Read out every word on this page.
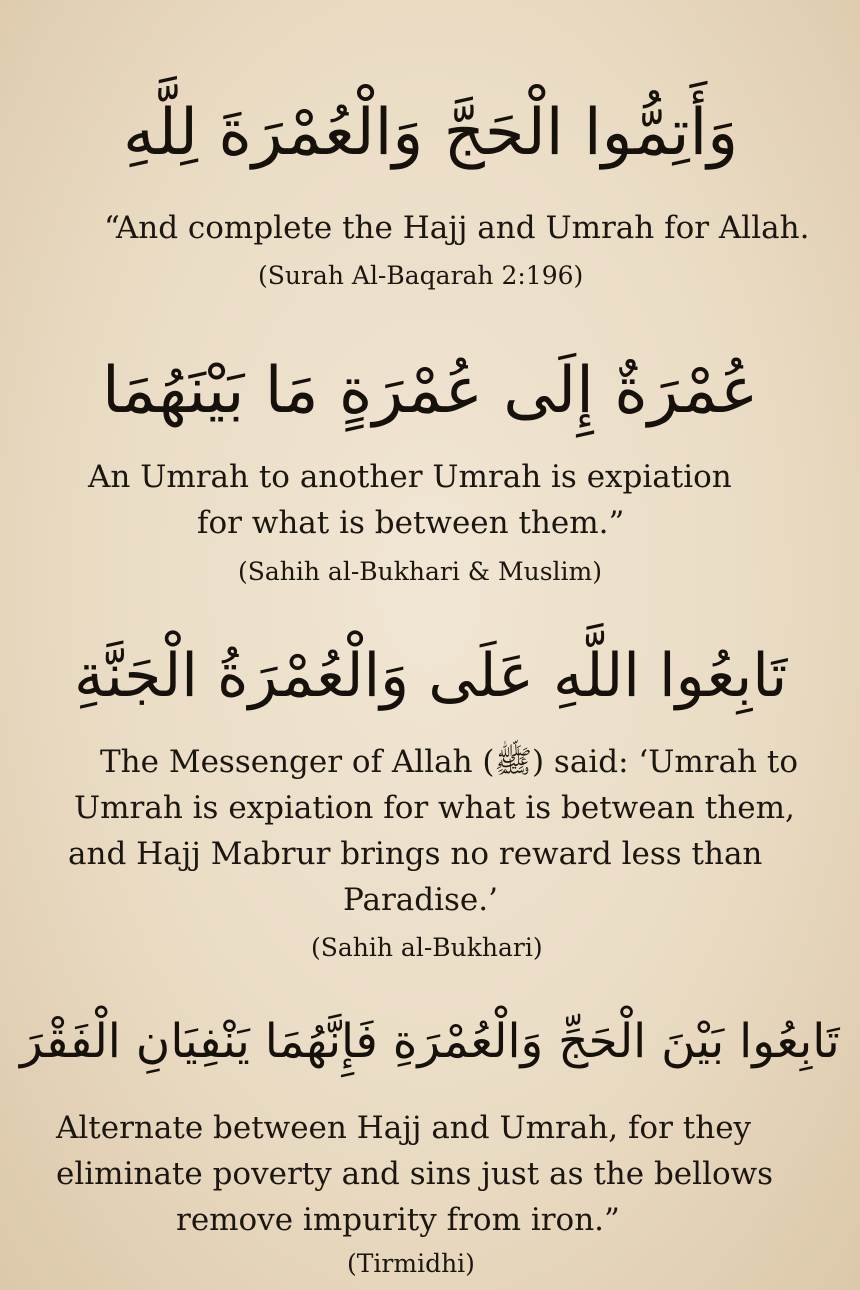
وَأَتِمُّوا الْحَجَّ وَالْعُمْرَةَ لِلَّهِ
“And complete the Hajj and Umrah for Allah.
(Surah Al-Baqarah 2:196)
عُمْرَةٌ إِلَى عُمْرَةٍ مَا بَيْنَهُمَا
An Umrah to another Umrah is expiation
for what is between them.”
(Sahih al-Bukhari & Muslim)
تَابِعُوا اللَّهِ عَلَى وَالْعُمْرَةُ الْجَنَّةِ
The Messenger of Allah (ﷺ) said: ‘Umrah to
Umrah is expiation for what is betwean them,
and Hajj Mabrur brings no reward less than
Paradise.’
(Sahih al-Bukhari)
تَابِعُوا بَيْنَ الْحَجِّ وَالْعُمْرَةِ فَإِنَّهُمَا يَنْفِيَانِ الْفَقْرَ
Alternate between Hajj and Umrah, for they
eliminate poverty and sins just as the bellows
remove impurity from iron.”
(Tirmidhi)
